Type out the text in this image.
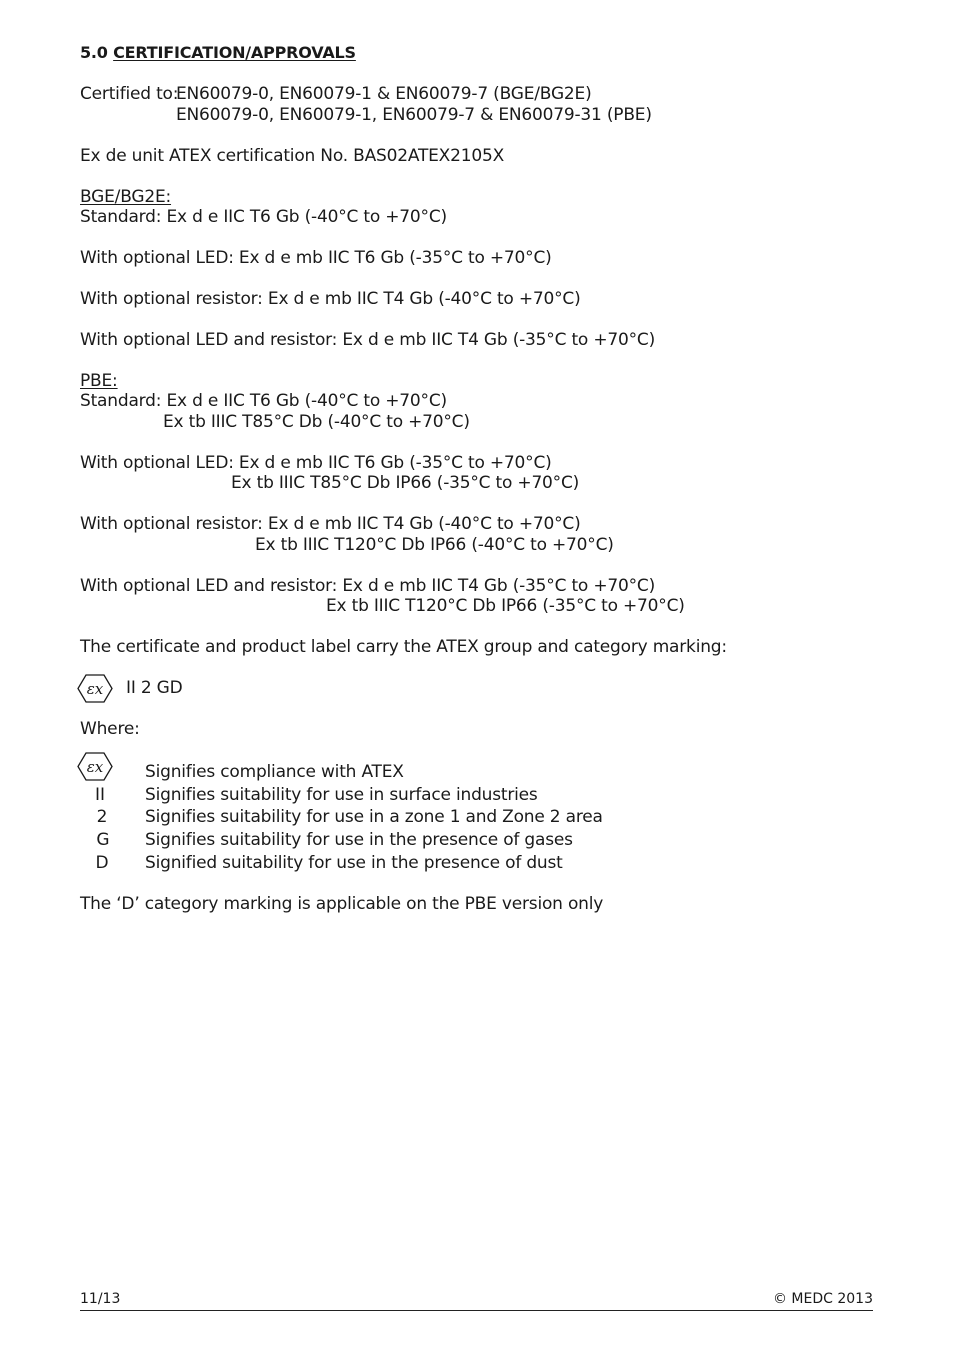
5.0 CERTIFICATION/APPROVALS
Certified to:
EN60079-0, EN60079-1 & EN60079-7 (BGE/BG2E)
EN60079-0, EN60079-1, EN60079-7 & EN60079-31 (PBE)
Ex de unit ATEX certification No. BAS02ATEX2105X
BGE/BG2E:
Standard: Ex d e IIC T6 Gb (-40°C to +70°C)
With optional LED: Ex d e mb IIC T6 Gb (-35°C to +70°C)
With optional resistor: Ex d e mb IIC T4 Gb (-40°C to +70°C)
With optional LED and resistor: Ex d e mb IIC T4 Gb (-35°C to +70°C)
PBE:
Standard: Ex d e IIC T6 Gb (-40°C to +70°C)
Ex tb IIIC T85°C Db (-40°C to +70°C)
With optional LED: Ex d e mb IIC T6 Gb (-35°C to +70°C)
Ex tb IIIC T85°C Db IP66 (-35°C to +70°C)
With optional resistor: Ex d e mb IIC T4 Gb (-40°C to +70°C)
Ex tb IIIC T120°C Db IP66 (-40°C to +70°C)
With optional LED and resistor: Ex d e mb IIC T4 Gb (-35°C to +70°C)
Ex tb IIIC T120°C Db IP66 (-35°C to +70°C)
The certificate and product label carry the ATEX group and category marking:
εx II 2 GD
Where:
εx Signifies compliance with ATEX
II	Signifies suitability for use in surface industries
2	Signifies suitability for use in a zone 1 and Zone 2 area
G	Signifies suitability for use in the presence of gases
D	Signified suitability for use in the presence of dust
The ‘D’ category marking is applicable on the PBE version only
11/13	© MEDC 2013
